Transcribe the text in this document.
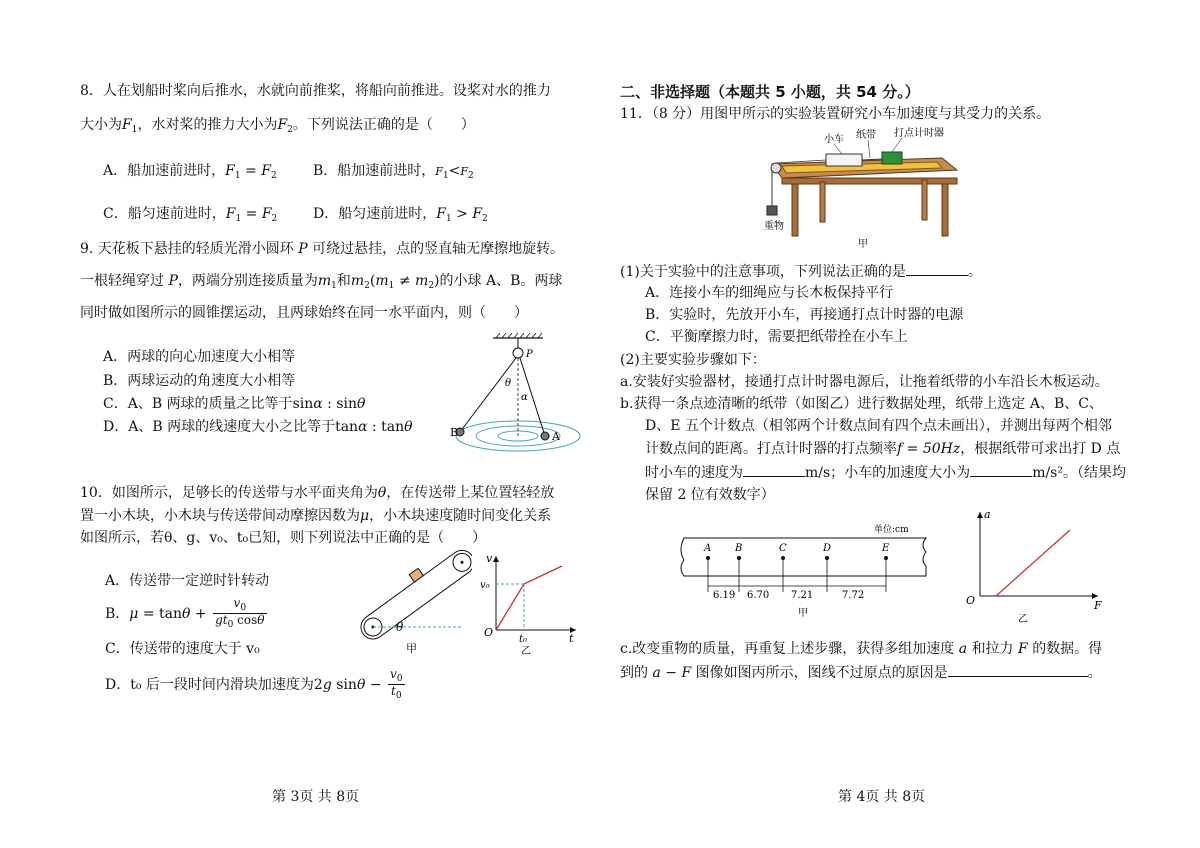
8．人在划船时桨向后推水，水就向前推桨，将船向前推进。设桨对水的推力
大小为$F_1$，水对桨的推力大小为$F_2$。下列说法正确的是（　　）
A．船加速前进时，$F_1 = F_2$	B．船加速前进时，$F_1<F_2$
C．船匀速前进时，$F_1 = F_2$	D．船匀速前进时，$F_1 > F_2$
9. 天花板下悬挂的轻质光滑小圆环 P 可绕过悬挂，点的竖直轴无摩擦地旋转。
一根轻绳穿过 P，两端分别连接质量为$m_1$和$m_2(m_1 \ne m_2)$的小球 A、B。两球
同时做如图所示的圆锥摆运动，且两球始终在同一水平面内，则（　　）
A．两球的向心加速度大小相等
B．两球运动的角速度大小相等
C．A、B 两球的质量之比等于sinα : sinθ
D．A、B 两球的线速度大小之比等于tanα : tanθ
P
θ
α
B	A
10．如图所示，足够长的传送带与水平面夹角为θ，在传送带上某位置轻轻放
置一小木块，小木块与传送带间动摩擦因数为μ，小木块速度随时间变化关系
如图所示，若θ、g、v₀、t₀已知，则下列说法中正确的是（　　）
A．传送带一定逆时针转动
B．$\mu = \tan\theta + \frac{v_0}{gt_0 \cos\theta}$
C．传送带的速度大于 v₀
D．t₀ 后一段时间内滑块加速度为2g $\sin\theta - \frac{v_0}{t_0}$
θ
甲
v
v₀
O
t₀	t
乙
第 3页 共 8页
二、非选择题（本题共 5 小题，共 54 分。）
11．（8 分）用图甲所示的实验装置研究小车加速度与其受力的关系。
小车 纸带 打点计时器
重物
甲
(1)关于实验中的注意事项，下列说法正确的是	。
A．连接小车的细绳应与长木板保持平行
B．实验时，先放开小车，再接通打点计时器的电源
C．平衡摩擦力时，需要把纸带拴在小车上
(2)主要实验步骤如下：
a.安装好实验器材，接通打点计时器电源后，让拖着纸带的小车沿长木板运动。
b.获得一条点迹清晰的纸带（如图乙）进行数据处理，纸带上选定 A、B、C、
D、E 五个计数点（相邻两个计数点间有四个点未画出），并测出每两个相邻
计数点间的距离。打点计时器的打点频率f = 50Hz，根据纸带可求出打 D 点
时小车的速度为	m/s；小车的加速度大小为	m/s²。（结果均
保留 2 位有效数字）
单位:cm
A B	C	D	E
6.19 6.70 7.21	7.72
甲
a
O	F
乙
c.改变重物的质量，再重复上述步骤，获得多组加速度 a 和拉力 F 的数据。得
到的 a − F 图像如图丙所示，图线不过原点的原因是	。
第 4页 共 8页
